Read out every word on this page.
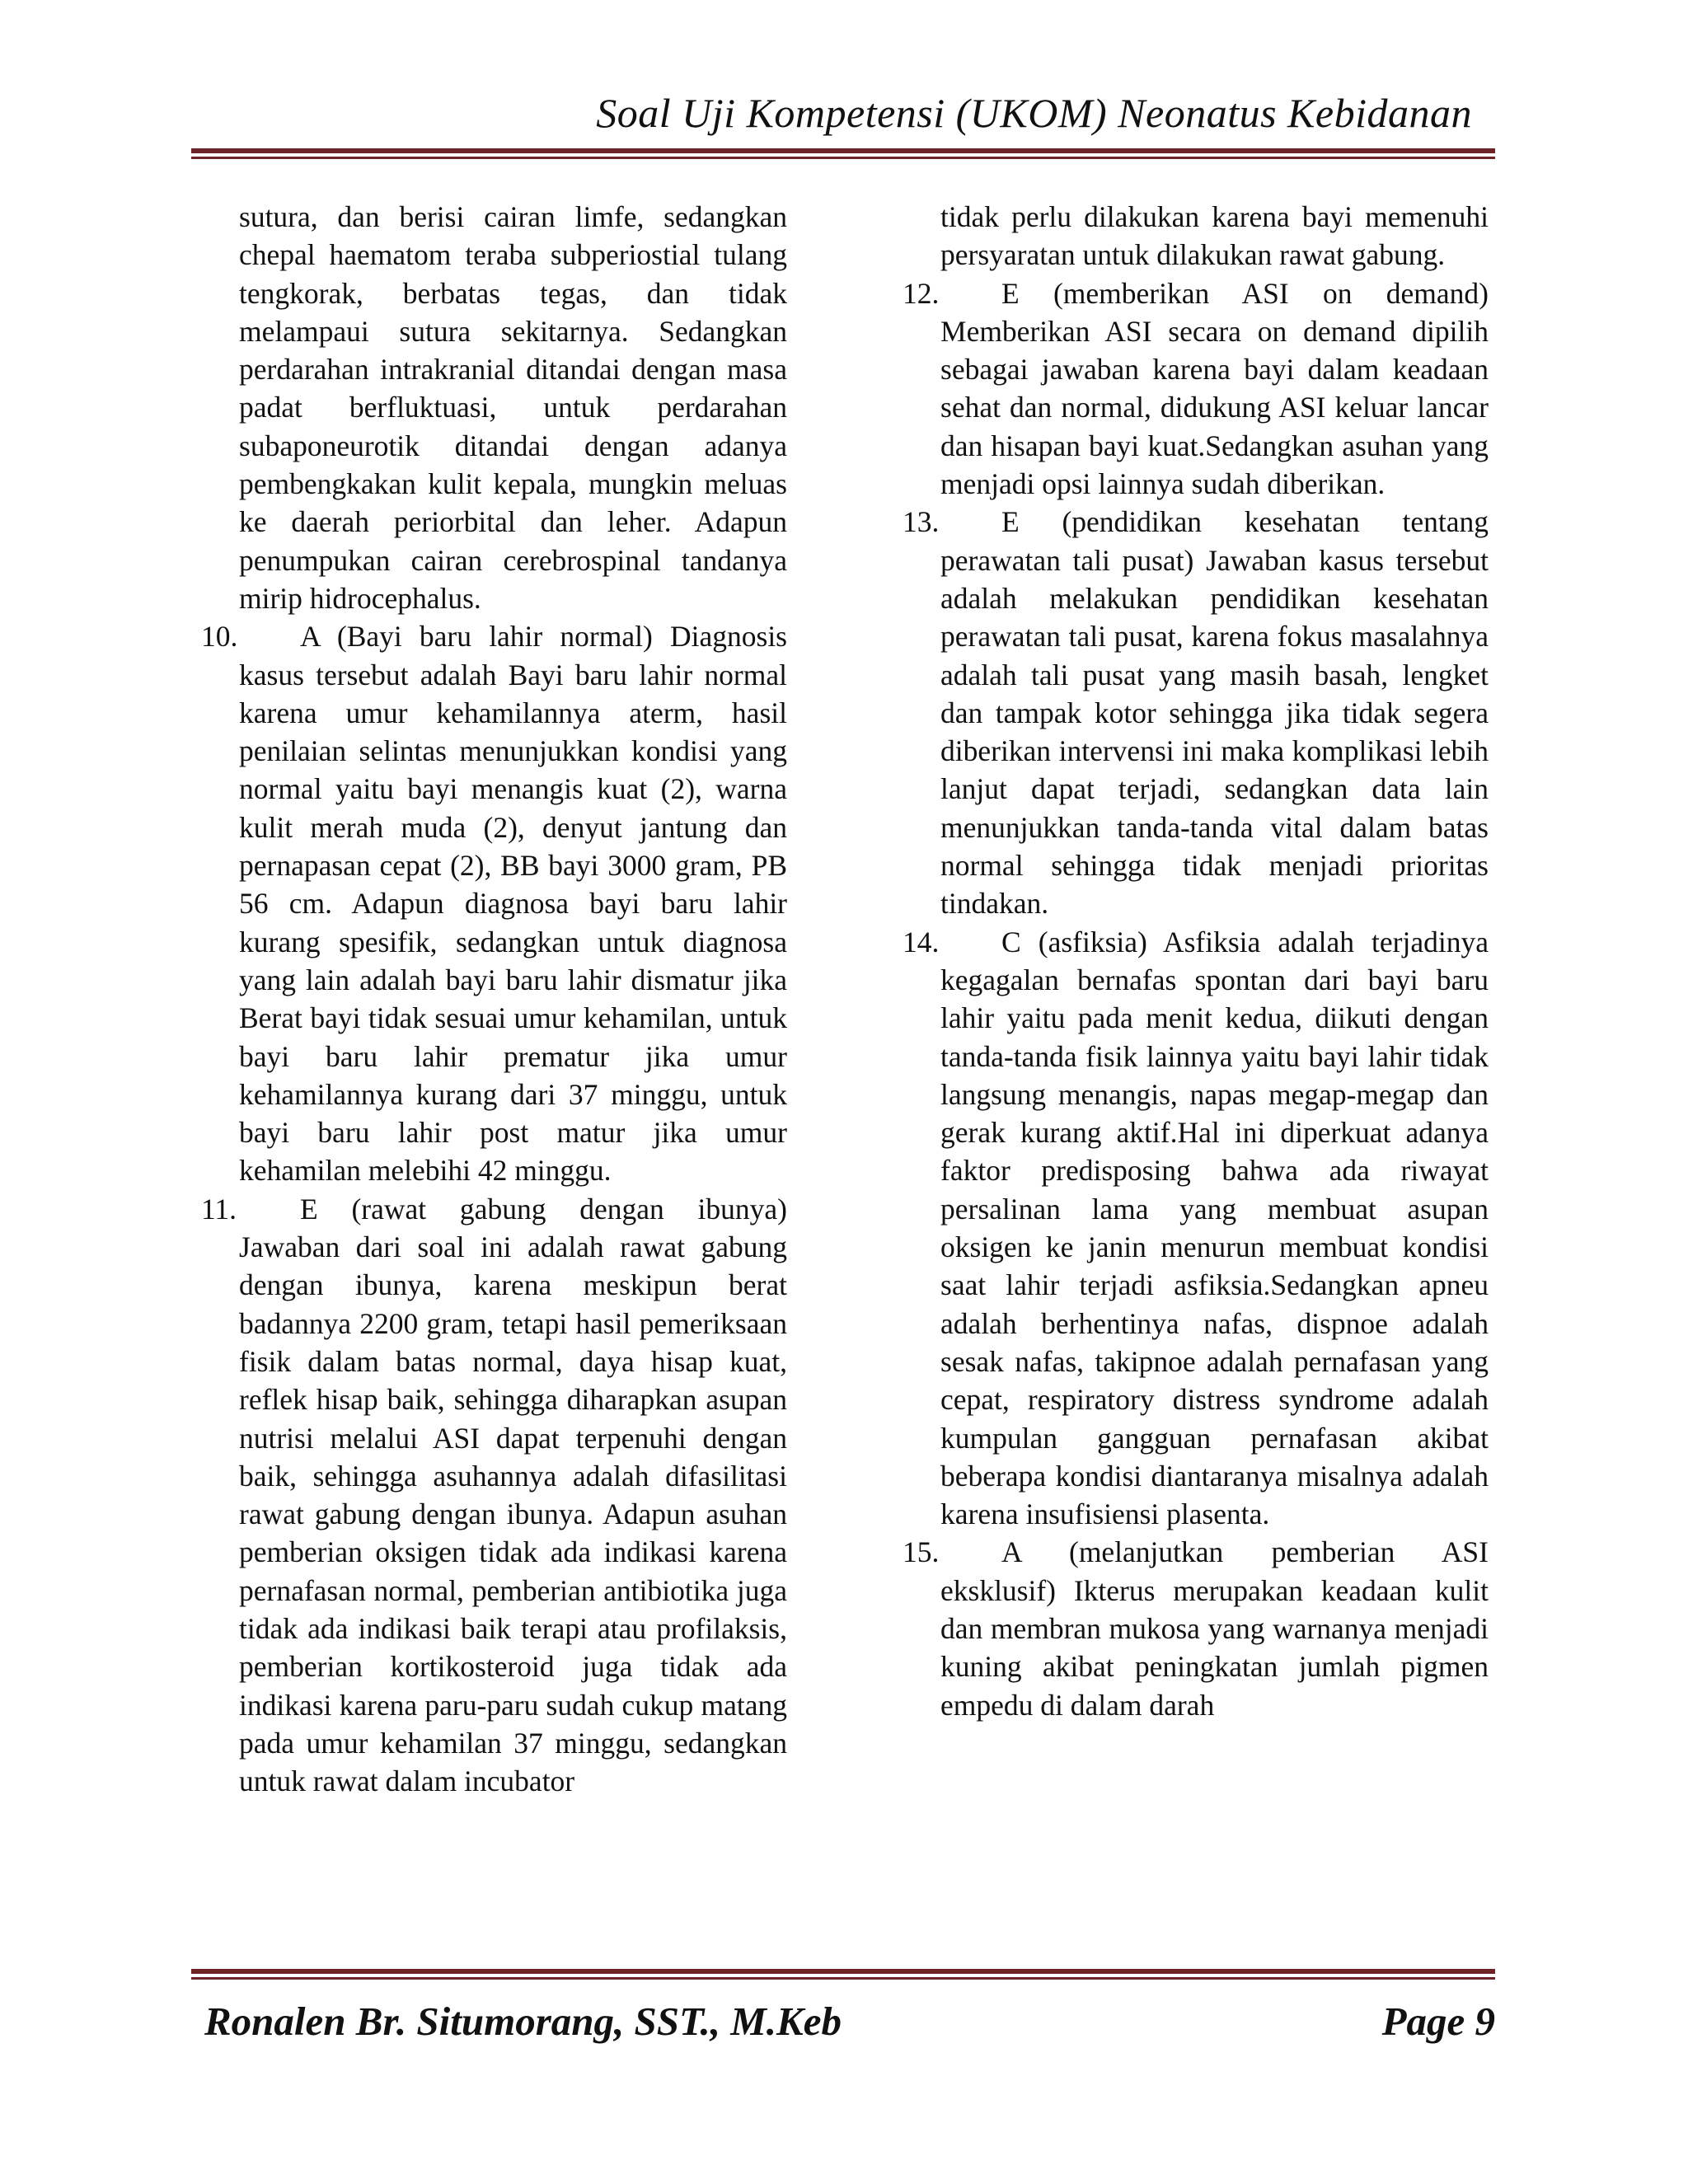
Soal Uji Kompetensi (UKOM) Neonatus Kebidanan

sutura, dan berisi cairan limfe, sedangkan chepal haematom teraba subperiostial tulang tengkorak, berbatas tegas, dan tidak melampaui sutura sekitarnya. Sedangkan perdarahan intrakranial ditandai dengan masa padat berfluktuasi, untuk perdarahan subaponeurotik ditandai dengan adanya pembengkakan kulit kepala, mungkin meluas ke daerah periorbital dan leher. Adapun penumpukan cairan cerebrospinal tandanya mirip hidrocephalus.

10.	A (Bayi baru lahir normal) Diagnosis kasus tersebut adalah Bayi baru lahir normal karena umur kehamilannya aterm, hasil penilaian selintas menunjukkan kondisi yang normal yaitu bayi menangis kuat (2), warna kulit merah muda (2), denyut jantung dan pernapasan cepat (2), BB bayi 3000 gram, PB 56 cm. Adapun diagnosa bayi baru lahir kurang spesifik, sedangkan untuk diagnosa yang lain adalah bayi baru lahir dismatur jika Berat bayi tidak sesuai umur kehamilan, untuk bayi baru lahir prematur jika umur kehamilannya kurang dari 37 minggu, untuk bayi baru lahir post matur jika umur kehamilan melebihi 42 minggu.
11.	E (rawat gabung dengan ibunya) Jawaban dari soal ini adalah rawat gabung dengan ibunya, karena meskipun berat badannya 2200 gram, tetapi hasil pemeriksaan fisik dalam batas normal, daya hisap kuat, reflek hisap baik, sehingga diharapkan asupan nutrisi melalui ASI dapat terpenuhi dengan baik, sehingga asuhannya adalah difasilitasi rawat gabung dengan ibunya. Adapun asuhan pemberian oksigen tidak ada indikasi karena pernafasan normal, pemberian antibiotika juga tidak ada indikasi baik terapi atau profilaksis, pemberian kortikosteroid juga tidak ada indikasi karena paru-paru sudah cukup matang pada umur kehamilan 37 minggu, sedangkan untuk rawat dalam incubator

tidak perlu dilakukan karena bayi memenuhi persyaratan untuk dilakukan rawat gabung.

12.	E (memberikan ASI on demand) Memberikan ASI secara on demand dipilih sebagai jawaban karena bayi dalam keadaan sehat dan normal, didukung ASI keluar lancar dan hisapan bayi kuat.Sedangkan asuhan yang menjadi opsi lainnya sudah diberikan.
13.	E (pendidikan kesehatan tentang perawatan tali pusat) Jawaban kasus tersebut adalah melakukan pendidikan kesehatan perawatan tali pusat, karena fokus masalahnya adalah tali pusat yang masih basah, lengket dan tampak kotor sehingga jika tidak segera diberikan intervensi ini maka komplikasi lebih lanjut dapat terjadi, sedangkan data lain menunjukkan tanda-tanda vital dalam batas normal sehingga tidak menjadi prioritas tindakan.
14.	C (asfiksia) Asfiksia adalah terjadinya kegagalan bernafas spontan dari bayi baru lahir yaitu pada menit kedua, diikuti dengan tanda-tanda fisik lainnya yaitu bayi lahir tidak langsung menangis, napas megap-megap dan gerak kurang aktif.Hal ini diperkuat adanya faktor predisposing bahwa ada riwayat persalinan lama yang membuat asupan oksigen ke janin menurun membuat kondisi saat lahir terjadi asfiksia.Sedangkan apneu adalah berhentinya nafas, dispnoe adalah sesak nafas, takipnoe adalah pernafasan yang cepat, respiratory distress syndrome adalah kumpulan gangguan pernafasan akibat beberapa kondisi diantaranya misalnya adalah karena insufisiensi plasenta.
15.	A (melanjutkan pemberian ASI eksklusif) Ikterus merupakan keadaan kulit dan membran mukosa yang warnanya menjadi kuning akibat peningkatan jumlah pigmen empedu di dalam darah

Ronalen Br. Situmorang, SST., M.Keb	Page 9
